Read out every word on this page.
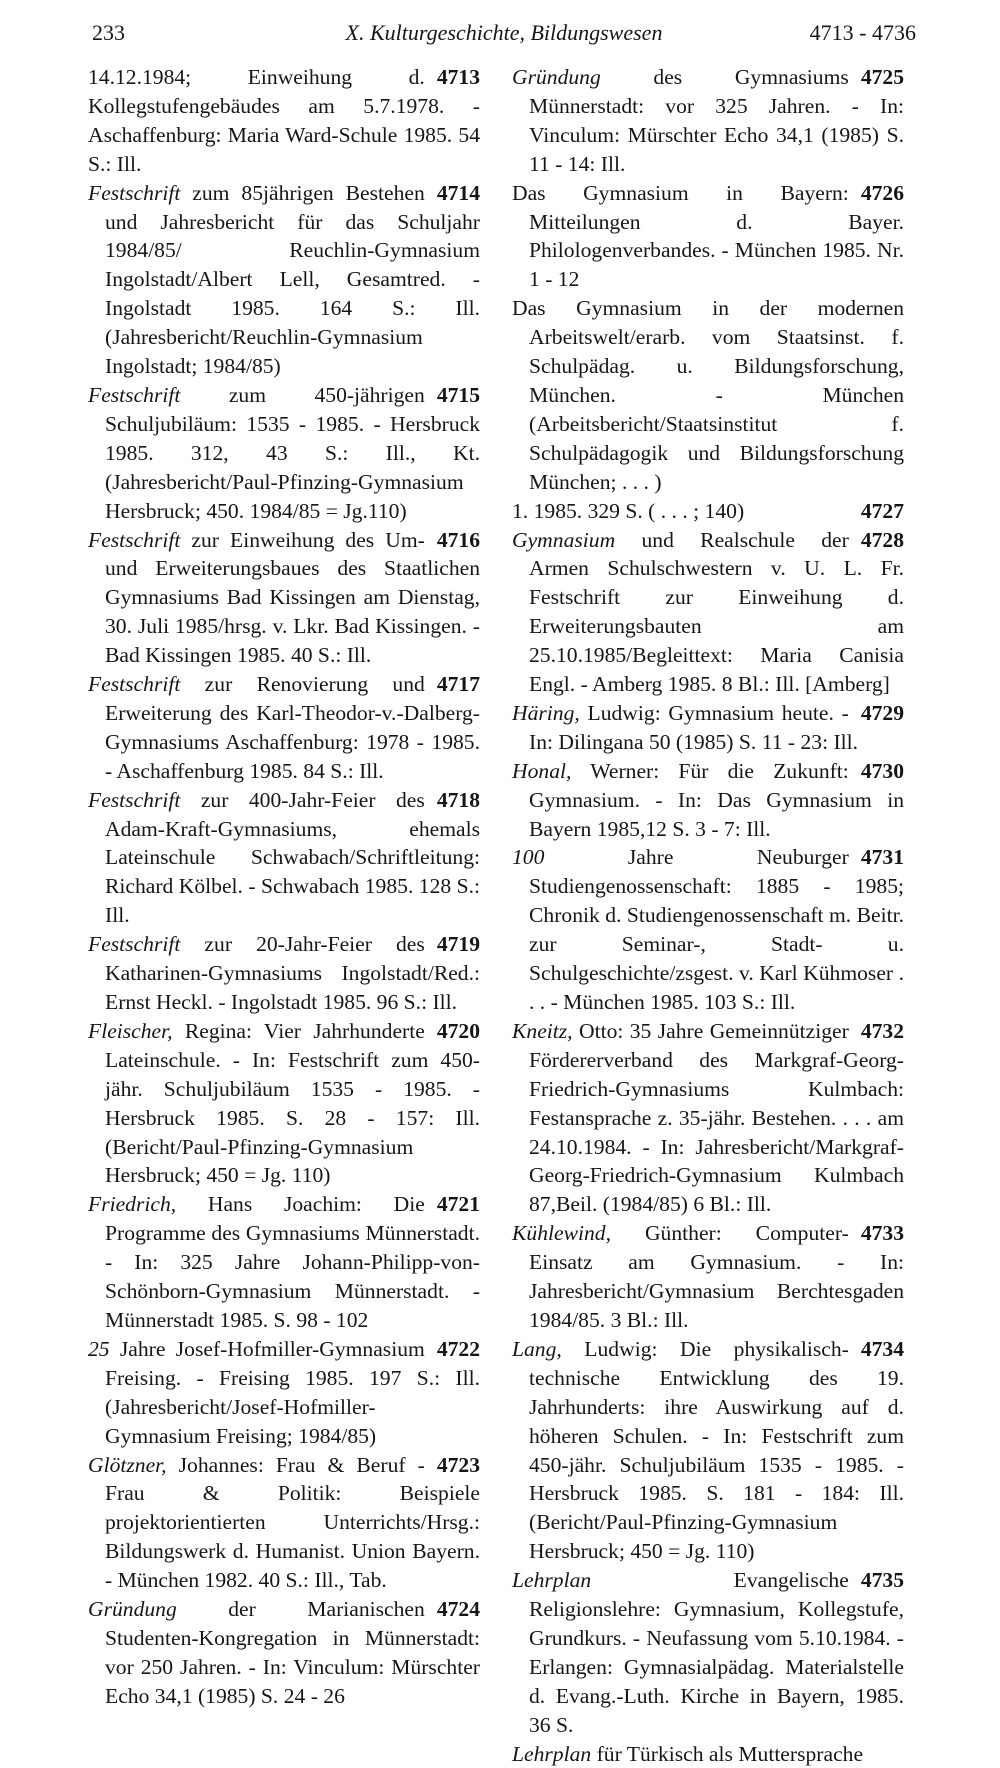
233	X. Kulturgeschichte, Bildungswesen	4713 - 4736

4713
14.12.1984; Einweihung d. Kollegstufengebäudes am 5.7.1978. - Aschaffenburg: Maria Ward-Schule 1985. 54 S.: Ill.

4714
Festschrift zum 85jährigen Bestehen und Jahresbericht für das Schuljahr 1984/85/ Reuchlin-Gymnasium Ingolstadt/Albert Lell, Gesamtred. - Ingolstadt 1985. 164 S.: Ill. (Jahresbericht/Reuchlin-Gymnasium Ingolstadt; 1984/85)

4715
Festschrift zum 450-jährigen Schuljubiläum: 1535 - 1985. - Hersbruck 1985. 312, 43 S.: Ill., Kt. (Jahresbericht/Paul-Pfinzing-Gymnasium Hersbruck; 450. 1984/85 = Jg.110)

4716
Festschrift zur Einweihung des Um- und Erweiterungsbaues des Staatlichen Gymnasiums Bad Kissingen am Dienstag, 30. Juli 1985/hrsg. v. Lkr. Bad Kissingen. - Bad Kissingen 1985. 40 S.: Ill.

4717
Festschrift zur Renovierung und Erweiterung des Karl-Theodor-v.-Dalberg-Gymnasiums Aschaffenburg: 1978 - 1985. - Aschaffenburg 1985. 84 S.: Ill.

4718
Festschrift zur 400-Jahr-Feier des Adam-Kraft-Gymnasiums, ehemals Lateinschule Schwabach/Schriftleitung: Richard Kölbel. - Schwabach 1985. 128 S.: Ill.

4719
Festschrift zur 20-Jahr-Feier des Katharinen-Gymnasiums Ingolstadt/Red.: Ernst Heckl. - Ingolstadt 1985. 96 S.: Ill.

4720
Fleischer, Regina: Vier Jahrhunderte Lateinschule. - In: Festschrift zum 450-jähr. Schuljubiläum 1535 - 1985. - Hersbruck 1985. S. 28 - 157: Ill. (Bericht/Paul-Pfinzing-Gymnasium Hersbruck; 450 = Jg. 110)

4721
Friedrich, Hans Joachim: Die Programme des Gymnasiums Münnerstadt. - In: 325 Jahre Johann-Philipp-von-Schönborn-Gymnasium Münnerstadt. - Münnerstadt 1985. S. 98 - 102

4722
25 Jahre Josef-Hofmiller-Gymnasium Freising. - Freising 1985. 197 S.: Ill. (Jahresbericht/Josef-Hofmiller-Gymnasium Freising; 1984/85)

4723
Glötzner, Johannes: Frau & Beruf - Frau & Politik: Beispiele projektorientierten Unterrichts/Hrsg.: Bildungswerk d. Humanist. Union Bayern. - München 1982. 40 S.: Ill., Tab.

4724
Gründung der Marianischen Studenten-Kongregation in Münnerstadt: vor 250 Jahren. - In: Vinculum: Mürschter Echo 34,1 (1985) S. 24 - 26

4725
Gründung des Gymnasiums Münnerstadt: vor 325 Jahren. - In: Vinculum: Mürschter Echo 34,1 (1985) S. 11 - 14: Ill.

4726
Das Gymnasium in Bayern: Mitteilungen d. Bayer. Philologenverbandes. - München 1985. Nr. 1 - 12

Das Gymnasium in der modernen Arbeitswelt/erarb. vom Staatsinst. f. Schulpädag. u. Bildungsforschung, München. - München (Arbeitsbericht/Staatsinstitut f. Schulpädagogik und Bildungsforschung München; . . . )

4727
1. 1985. 329 S. ( . . . ; 140)

4728
Gymnasium und Realschule der Armen Schulschwestern v. U. L. Fr. Festschrift zur Einweihung d. Erweiterungsbauten am 25.10.1985/Begleittext: Maria Canisia Engl. - Amberg 1985. 8 Bl.: Ill. [Amberg]

4729
Häring, Ludwig: Gymnasium heute. - In: Dilingana 50 (1985) S. 11 - 23: Ill.

4730
Honal, Werner: Für die Zukunft: Gymnasium. - In: Das Gymnasium in Bayern 1985,12 S. 3 - 7: Ill.

4731
100 Jahre Neuburger Studiengenossenschaft: 1885 - 1985; Chronik d. Studiengenossenschaft m. Beitr. zur Seminar-, Stadt- u. Schulgeschichte/zsgest. v. Karl Kühmoser . . . - München 1985. 103 S.: Ill.

4732
Kneitz, Otto: 35 Jahre Gemeinnütziger Fördererverband des Markgraf-Georg-Friedrich-Gymnasiums Kulmbach: Festansprache z. 35-jähr. Bestehen. . . . am 24.10.1984. - In: Jahresbericht/Markgraf-Georg-Friedrich-Gymnasium Kulmbach 87,Beil. (1984/85) 6 Bl.: Ill.

4733
Kühlewind, Günther: Computer-Einsatz am Gymnasium. - In: Jahresbericht/Gymnasium Berchtesgaden 1984/85. 3 Bl.: Ill.

4734
Lang, Ludwig: Die physikalisch-technische Entwicklung des 19. Jahrhunderts: ihre Auswirkung auf d. höheren Schulen. - In: Festschrift zum 450-jähr. Schuljubiläum 1535 - 1985. - Hersbruck 1985. S. 181 - 184: Ill. (Bericht/Paul-Pfinzing-Gymnasium Hersbruck; 450 = Jg. 110)

4735
Lehrplan Evangelische Religionslehre: Gymnasium, Kollegstufe, Grundkurs. - Neufassung vom 5.10.1984. - Erlangen: Gymnasialpädag. Materialstelle d. Evang.-Luth. Kirche in Bayern, 1985. 36 S.

Lehrplan für Türkisch als Muttersprache
